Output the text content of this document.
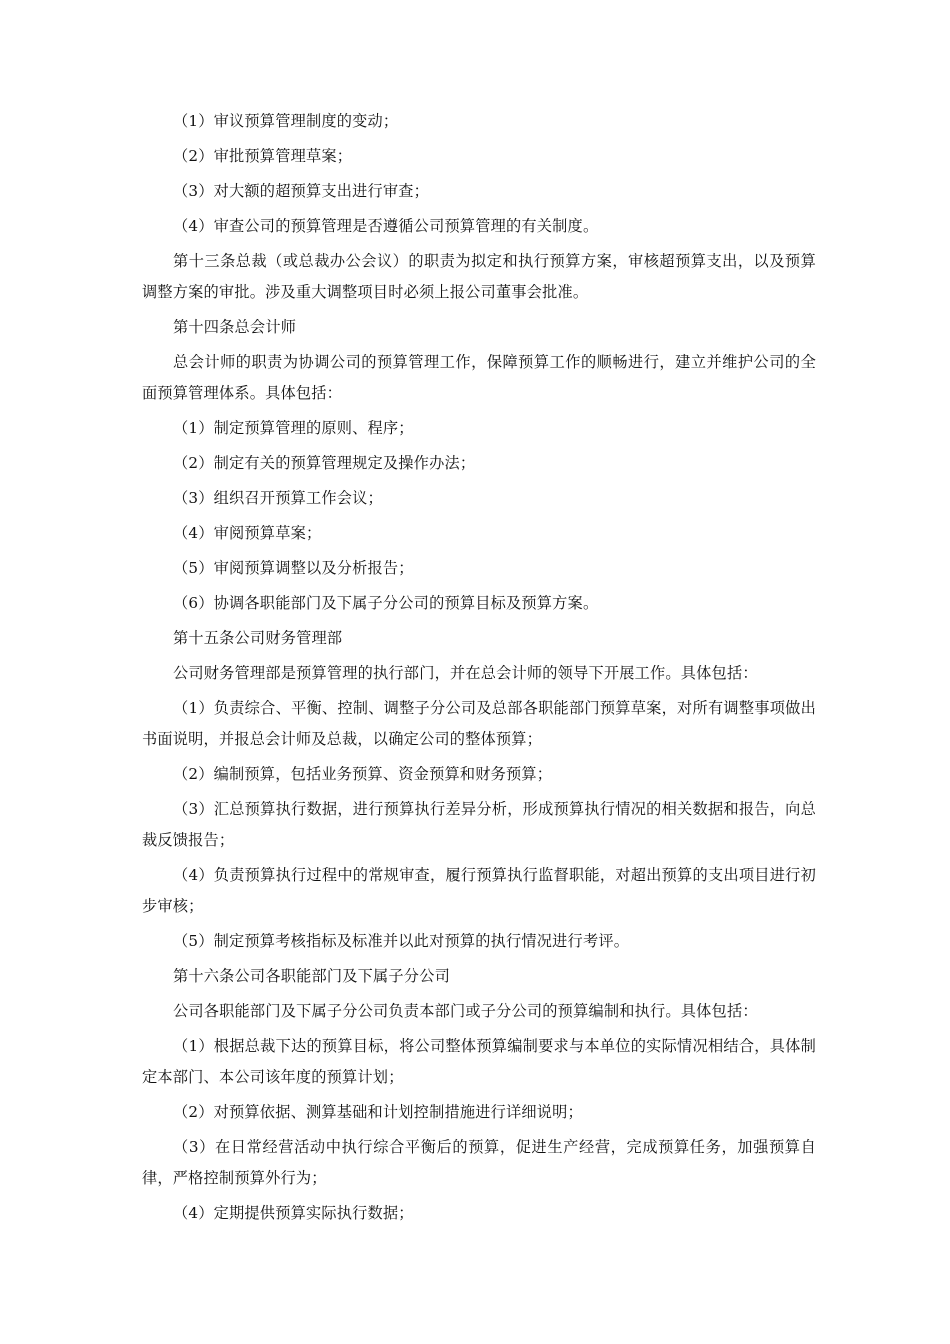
（1）审议预算管理制度的变动；

（2）审批预算管理草案；

（3）对大额的超预算支出进行审查；

（4）审查公司的预算管理是否遵循公司预算管理的有关制度。

第十三条总裁（或总裁办公会议）的职责为拟定和执行预算方案，审核超预算支出，以及预算调整方案的审批。涉及重大调整项目时必须上报公司董事会批准。

第十四条总会计师

总会计师的职责为协调公司的预算管理工作，保障预算工作的顺畅进行，建立并维护公司的全面预算管理体系。具体包括：

（1）制定预算管理的原则、程序；

（2）制定有关的预算管理规定及操作办法；

（3）组织召开预算工作会议；

（4）审阅预算草案；

（5）审阅预算调整以及分析报告；

（6）协调各职能部门及下属子分公司的预算目标及预算方案。

第十五条公司财务管理部

公司财务管理部是预算管理的执行部门，并在总会计师的领导下开展工作。具体包括：

（1）负责综合、平衡、控制、调整子分公司及总部各职能部门预算草案，对所有调整事项做出书面说明，并报总会计师及总裁，以确定公司的整体预算；

（2）编制预算，包括业务预算、资金预算和财务预算；

（3）汇总预算执行数据，进行预算执行差异分析，形成预算执行情况的相关数据和报告，向总裁反馈报告；

（4）负责预算执行过程中的常规审查，履行预算执行监督职能，对超出预算的支出项目进行初步审核；

（5）制定预算考核指标及标准并以此对预算的执行情况进行考评。

第十六条公司各职能部门及下属子分公司

公司各职能部门及下属子分公司负责本部门或子分公司的预算编制和执行。具体包括：

（1）根据总裁下达的预算目标，将公司整体预算编制要求与本单位的实际情况相结合，具体制定本部门、本公司该年度的预算计划；

（2）对预算依据、测算基础和计划控制措施进行详细说明；

（3）在日常经营活动中执行综合平衡后的预算，促进生产经营，完成预算任务，加强预算自律，严格控制预算外行为；

（4）定期提供预算实际执行数据；
